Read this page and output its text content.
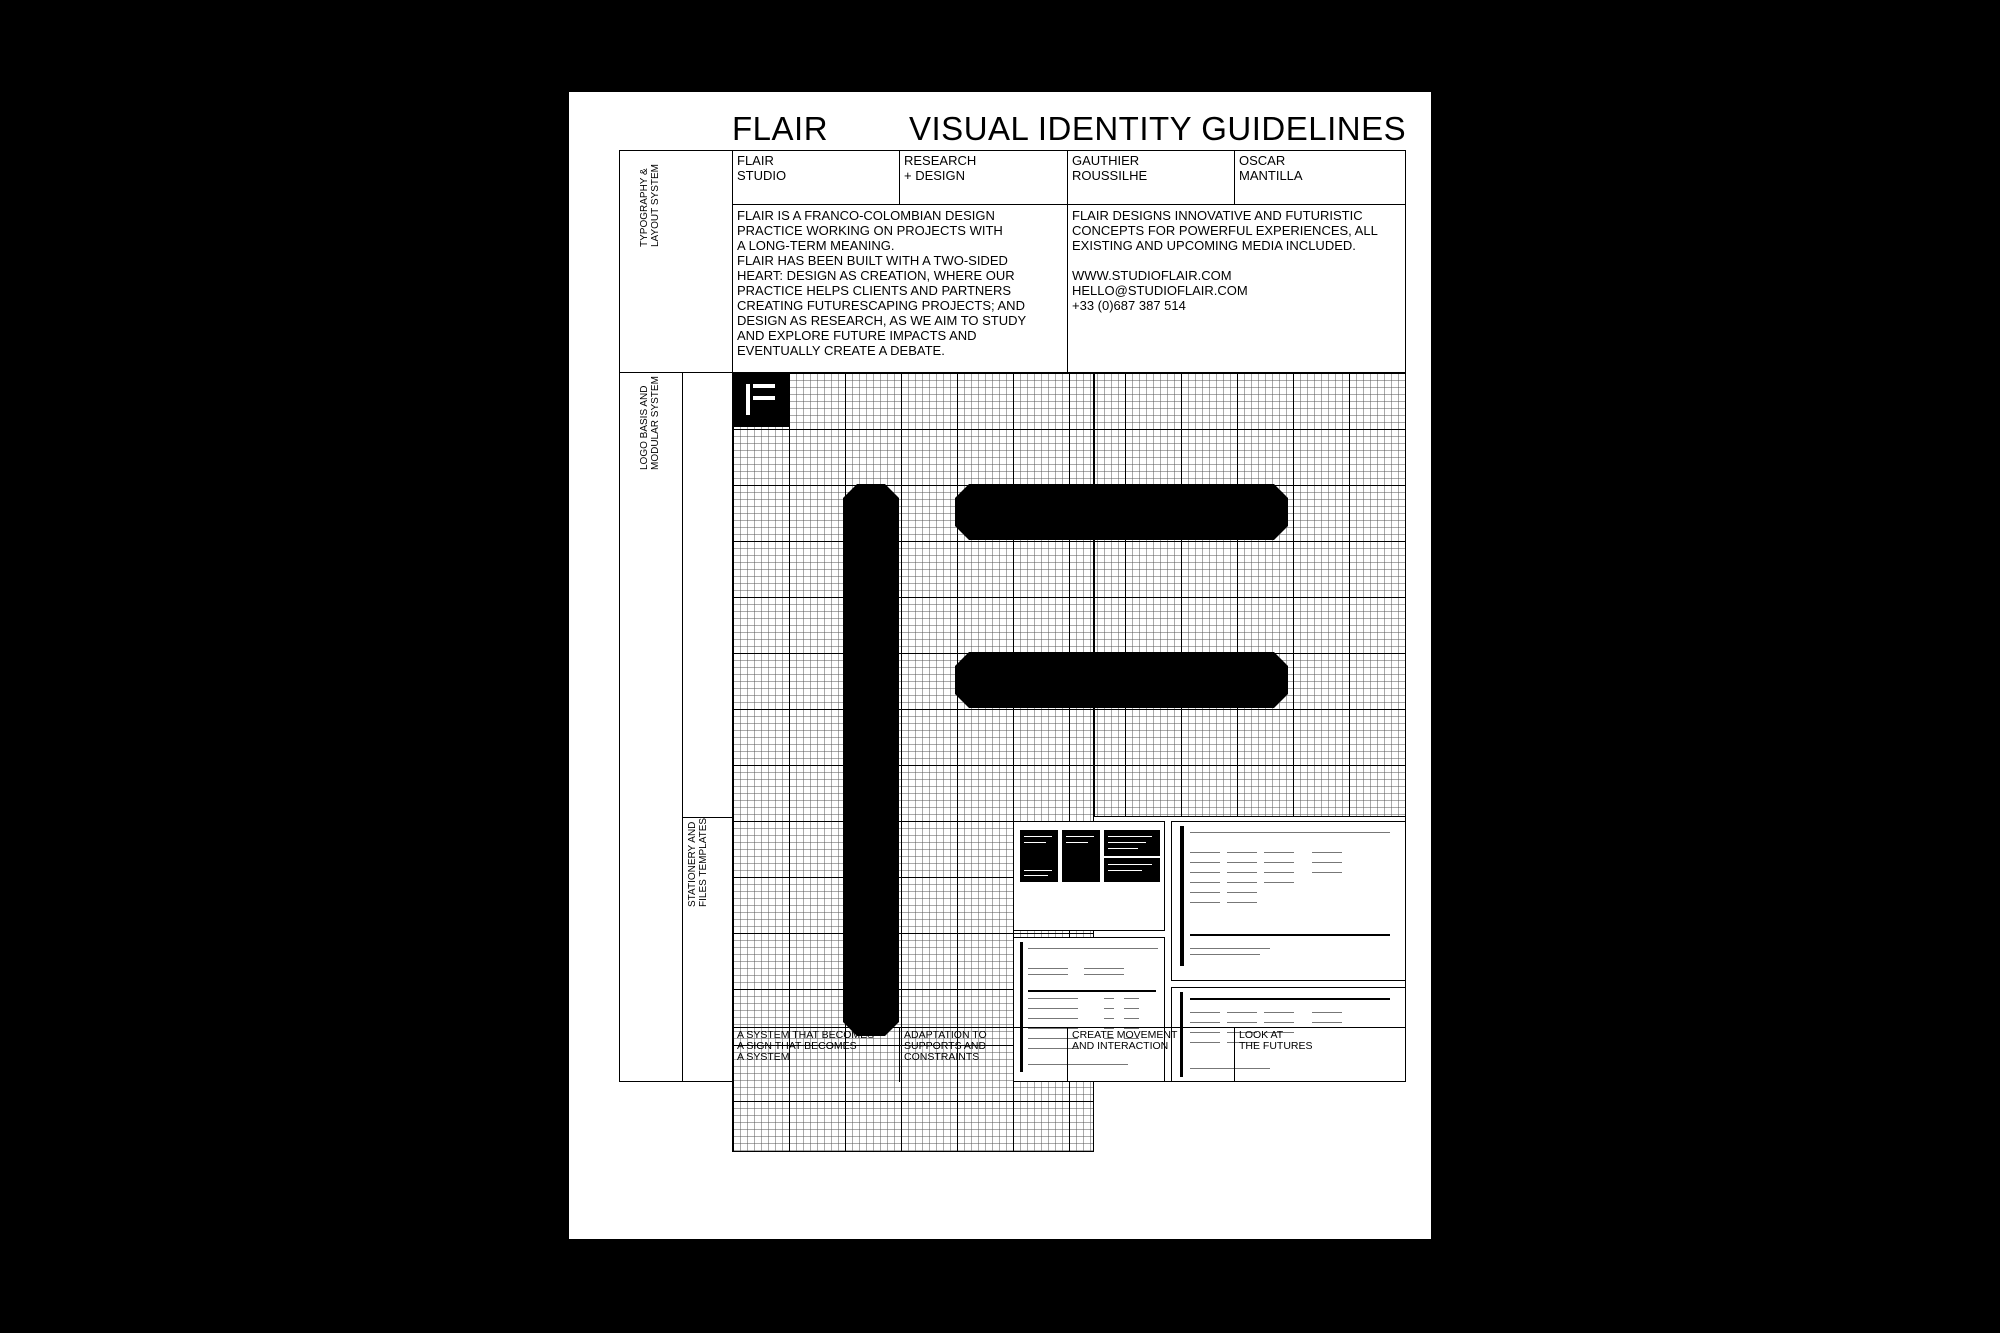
FLAIR VISUAL IDENTITY GUIDELINES
FLAIR
STUDIO
RESEARCH
+ DESIGN
GAUTHIER
ROUSSILHE
OSCAR
MANTILLA
FLAIR IS A FRANCO-COLOMBIAN DESIGN
PRACTICE WORKING ON PROJECTS WITH
A LONG-TERM MEANING.
FLAIR HAS BEEN BUILT WITH A TWO-SIDED
HEART: DESIGN AS CREATION, WHERE OUR
PRACTICE HELPS CLIENTS AND PARTNERS
CREATING FUTURESCAPING PROJECTS; AND
DESIGN AS RESEARCH, AS WE AIM TO STUDY
AND EXPLORE FUTURE IMPACTS AND
EVENTUALLY CREATE A DEBATE.
FLAIR DESIGNS INNOVATIVE AND FUTURISTIC
CONCEPTS FOR POWERFUL EXPERIENCES, ALL
EXISTING AND UPCOMING MEDIA INCLUDED.
WWW.STUDIOFLAIR.COM
HELLO@STUDIOFLAIR.COM
+33 (0)687 387 514
TYPOGRAPHY &
LAYOUT SYSTEM
LOGO BASIS AND
MODULAR SYSTEM
STATIONERY AND
FILES TEMPLATES
A SYSTEM THAT BECOMES
A SIGN THAT BECOMES
A SYSTEM
ADAPTATION TO
SUPPORTS AND
CONSTRAINTS
CREATE MOVEMENT
AND INTERACTION
LOOK AT
THE FUTURES
